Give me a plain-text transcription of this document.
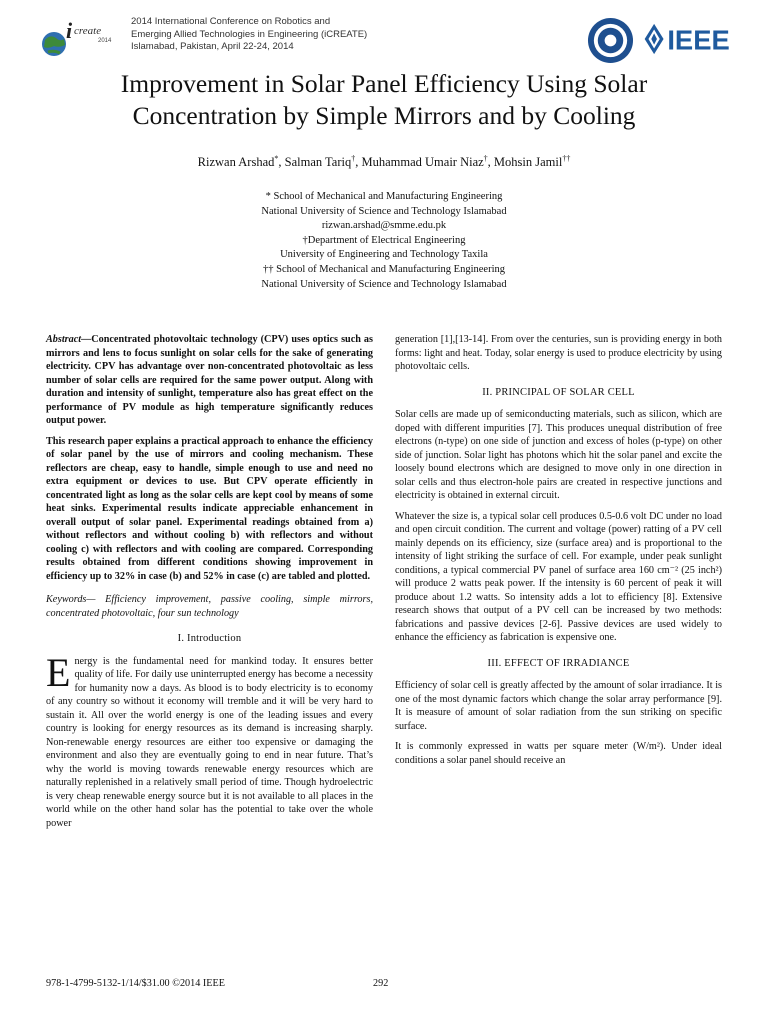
i create
2014
2014 International Conference on Robotics and
Emerging Allied Technologies in Engineering (iCREATE)
Islamabad, Pakistan, April 22-24, 2014	IEEE
Improvement in Solar Panel Efficiency Using Solar
Concentration by Simple Mirrors and by Cooling
Rizwan Arshad*, Salman Tariq†, Muhammad Umair Niaz†, Mohsin Jamil††
* School of Mechanical and Manufacturing Engineering
National University of Science and Technology Islamabad
rizwan.arshad@smme.edu.pk
†Department of Electrical Engineering
University of Engineering and Technology Taxila
†† School of Mechanical and Manufacturing Engineering
National University of Science and Technology Islamabad

Abstract—Concentrated photovoltaic technology (CPV) uses optics such as mirrors and lens to focus sunlight on solar cells for the sake of generating electricity. CPV has advantage over non-concentrated photovoltaic as less number of solar cells are required for the same power output. Along with duration and intensity of sunlight, temperature also has great effect on the performance of PV module as high temperature significantly reduces output power.

This research paper explains a practical approach to enhance the efficiency of solar panel by the use of mirrors and cooling mechanism. These reflectors are cheap, easy to handle, simple enough to use and need no extra equipment or devices to use. But CPV operate efficiently in concentrated light as long as the solar cells are kept cool by means of some heat sinks. Experimental results indicate appreciable enhancement in overall output of solar panel. Experimental readings obtained from a) without reflectors and without cooling b) with reflectors and without cooling c) with reflectors and with cooling are compared. Corresponding results obtained from different conditions showing improvement in efficiency up to 32% in case (b) and 52% in case (c) are tabled and plotted.

Keywords— Efficiency improvement, passive cooling, simple mirrors, concentrated photovoltaic, four sun technology

I. Introduction

Energy is the fundamental need for mankind today. It ensures better quality of life. For daily use uninterrupted energy has become a necessity for humanity now a days. As blood is to body electricity is to economy of any country so without it economy will tremble and it will be very hard to sustain it. All over the world energy is one of the leading issues and every country is looking for energy resources as its demand is increasing sharply. Non-renewable energy resources are either too expensive or damaging the environment and also they are eventually going to end in near future. That’s why the world is moving towards renewable energy resources which are naturally replenished in a relatively small period of time. Though hydroelectric is very cheap renewable energy source but it is not available to all places in the world while on the other hand solar has the potential to take over the whole power

generation [1],[13-14]. From over the centuries, sun is providing energy in both forms: light and heat. Today, solar energy is used to produce electricity by using photovoltaic cells.

II. PRINCIPAL OF SOLAR CELL

Solar cells are made up of semiconducting materials, such as silicon, which are doped with different impurities [7]. This produces unequal distribution of free electrons (n-type) on one side of junction and excess of holes (p-type) on other side of junction. Solar light has photons which hit the solar panel and excite the loosely bound electrons which are designed to move only in one direction in solar cells and thus electron-hole pairs are created in respective junctions and electricity is obtained in external circuit.

Whatever the size is, a typical solar cell produces 0.5-0.6 volt DC under no load and open circuit condition. The current and voltage (power) ratting of a PV cell mainly depends on its efficiency, size (surface area) and is proportional to the intensity of light striking the surface of cell. For example, under peak sunlight conditions, a typical commercial PV panel of surface area 160 cm⁻² (25 inch²) will produce 2 watts peak power. If the intensity is 60 percent of peak it will produce about 1.2 watts. So intensity adds a lot to efficiency [8]. Extensive research shows that output of a PV cell can be increased by two methods: fabrications and passive devices [2-6]. Passive devices are used widely to enhance the efficiency as fabrication is expensive one.

III. EFFECT OF IRRADIANCE

Efficiency of solar cell is greatly affected by the amount of solar irradiance. It is one of the most dynamic factors which change the solar array performance [9]. It is measure of amount of solar radiation from the sun striking on specific surface.

It is commonly expressed in watts per square meter (W/m²). Under ideal conditions a solar panel should receive an

978-1-4799-5132-1/14/$31.00 ©2014 IEEE	292
